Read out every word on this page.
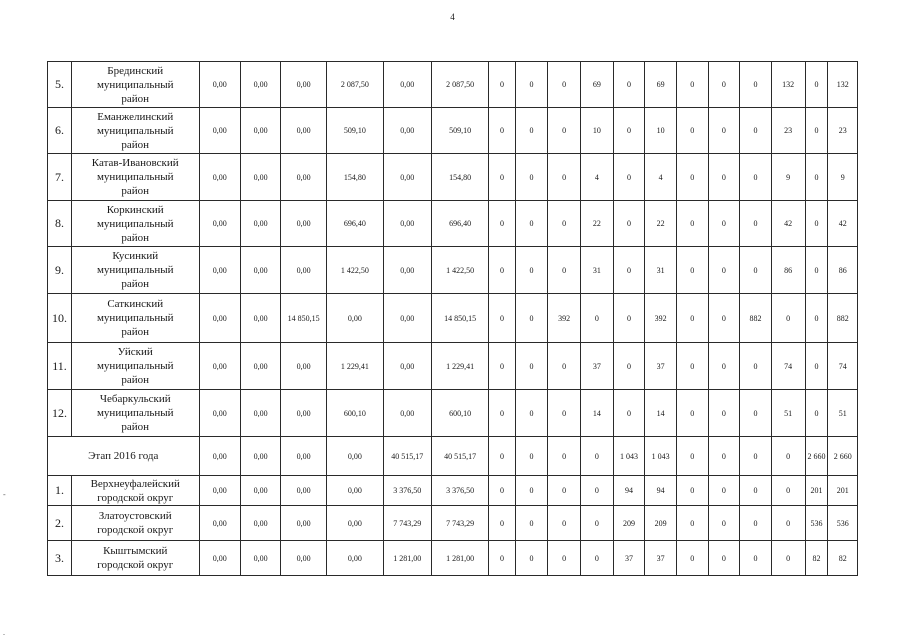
4
5.	Брединский
муниципальный
район	0,00	0,00	0,00	2 087,50	0,00	2 087,50	0	0	0	69	0	69	0	0	0	132	0	132
6.	Еманжелинский
муниципальный
район	0,00	0,00	0,00	509,10	0,00	509,10	0	0	0	10	0	10	0	0	0	23	0	23
7.	Катав-Ивановский
муниципальный
район	0,00	0,00	0,00	154,80	0,00	154,80	0	0	0	4	0	4	0	0	0	9	0	9
8.	Коркинский
муниципальный
район	0,00	0,00	0,00	696,40	0,00	696,40	0	0	0	22	0	22	0	0	0	42	0	42
9.	Кусинкий
муниципальный
район	0,00	0,00	0,00	1 422,50	0,00	1 422,50	0	0	0	31	0	31	0	0	0	86	0	86
10.	Саткинский
муниципальный
район	0,00	0,00	14 850,15	0,00	0,00	14 850,15	0	0	392	0	0	392	0	0	882	0	0	882
11.	Уйский
муниципальный
район	0,00	0,00	0,00	1 229,41	0,00	1 229,41	0	0	0	37	0	37	0	0	0	74	0	74
12.	Чебаркульский
муниципальный
район	0,00	0,00	0,00	600,10	0,00	600,10	0	0	0	14	0	14	0	0	0	51	0	51
Этап 2016 года		0,00	0,00	0,00	0,00	40 515,17	40 515,17	0	0	0	0	1 043	1 043	0	0	0	0	2 660	2 660
1.	Верхнеуфалейский
городской округ	0,00	0,00	0,00	0,00	3 376,50	3 376,50	0	0	0	0	94	94	0	0	0	0	201	201
2.	Златоустовский
городской округ	0,00	0,00	0,00	0,00	7 743,29	7 743,29	0	0	0	0	209	209	0	0	0	0	536	536
3.	Кыштымский
городской округ	0,00	0,00	0,00	0,00	1 281,00	1 281,00	0	0	0	0	37	37	0	0	0	0	82	82
-
.
